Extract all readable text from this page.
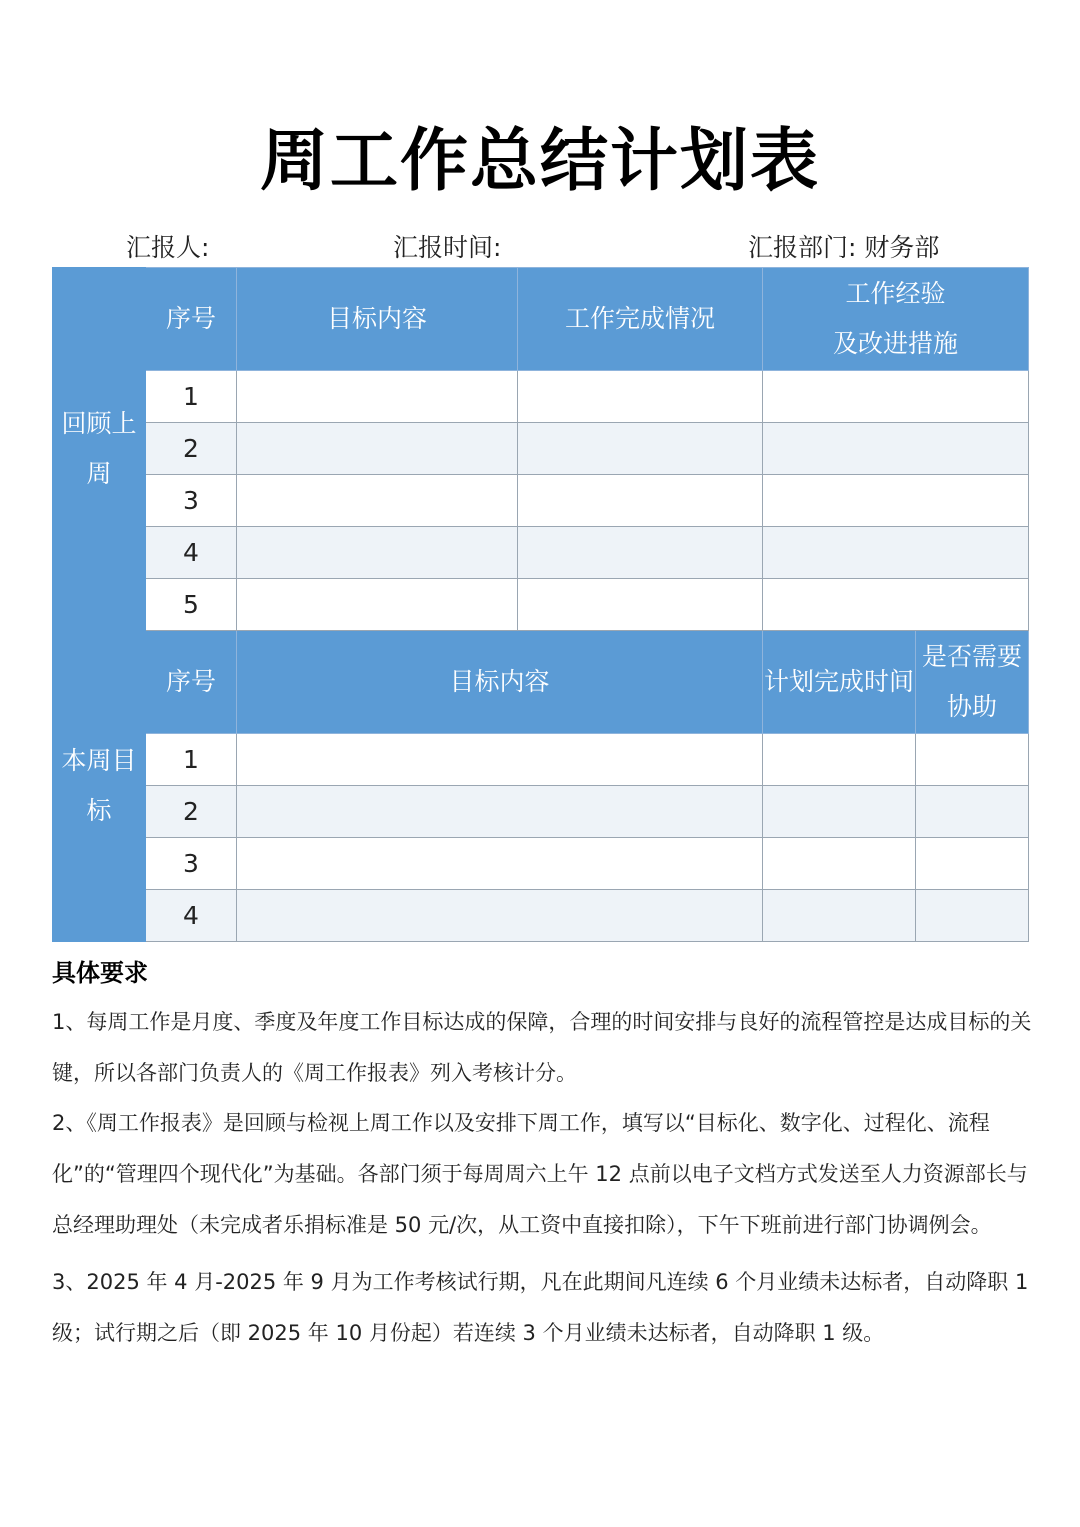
周工作总结计划表
汇报人:	汇报时间:	汇报部门: 财务部
回顾上周	序号	目标内容	工作完成情况	工作经验
及改进措施	
	1				
	2				
	3				
	4				
	5				
本周目标	序号	目标内容		计划完成时间	是否需要协助
	1				
	2				
	3				
	4				
具体要求

1、每周工作是月度、季度及年度工作目标达成的保障，合理的时间安排与良好的流程管控是达成目标的关键，所以各部门负责人的《周工作报表》列入考核计分。

2、《周工作报表》是回顾与检视上周工作以及安排下周工作，填写以“目标化、数字化、过程化、流程化”的“管理四个现代化”为基础。各部门须于每周周六上午 12 点前以电子文档方式发送至人力资源部长与总经理助理处（未完成者乐捐标准是 50 元/次，从工资中直接扣除），下午下班前进行部门协调例会。

3、2025 年 4 月-2025 年 9 月为工作考核试行期，凡在此期间凡连续 6 个月业绩未达标者，自动降职 1 级；试行期之后（即 2025 年 10 月份起）若连续 3 个月业绩未达标者，自动降职 1 级。
